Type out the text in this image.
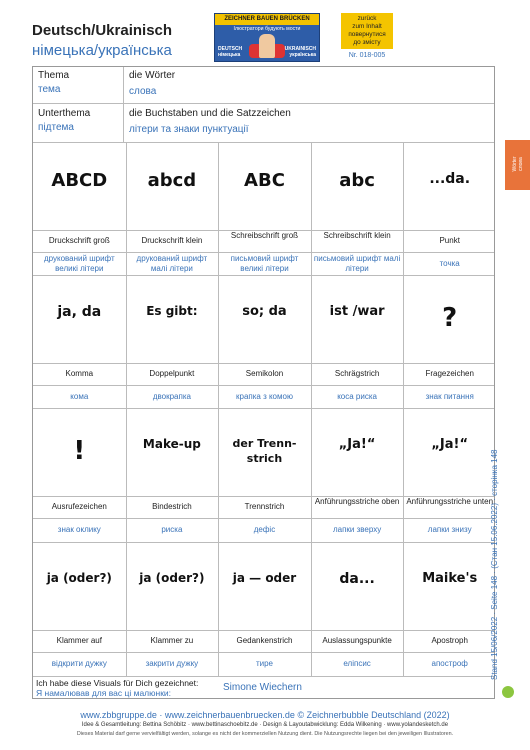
Deutsch/Ukrainisch
німецька/українська
ZEICHNER BAUEN BRÜCKEN
Ілюстратори будують мости
DEUTSCH
німецька
UKRAINISCH
українська
zurück
zum Inhalt
повернутися
до змісту
Nr. 018-005
Thema
тема
die Wörter
слова
Unterthema
підтема
die Buchstaben und die Satzzeichen
літери та знаки пунктуації
ABCD
Druckschrift groß
друкований шрифт великі літери
abcd
Druckschrift klein
друкований шрифт малі літери
ABC
Schreibschrift groß
письмовий шрифт великі літери
abc
Schreibschrift klein
письмовий шрифт малі літери
...da.
Punkt
точка
ja, da
Komma
кома
Es gibt:
Doppelpunkt
двокрапка
so; da
Semikolon
крапка з комою
ist /war
Schrägstrich
коса риска
?
Fragezeichen
знак питання
!
Ausrufezeichen
знак оклику
Make-up
Bindestrich
риска
der Trenn-strich
Trennstrich
дефіс
„Ja!“
Anführungsstriche oben
лапки зверху
„Ja!“
Anführungsstriche unten
лапки знизу
ja (oder?)
Klammer auf
відкрити дужку
ja (oder?)
Klammer zu
закрити дужку
ja — oder
Gedankenstrich
тире
da...
Auslassungspunkte
еліпсис
Maike's
Apostroph
апостроф
Ich habe diese Visuals für Dich gezeichnet:
Я намалював для вас ці малюнки:	Simone Wiechern
Wörter слова
Stand 15/06/2022 · Seite 148 · (Стан 15.06.2022) · сторінка 148
www.zbbgruppe.de · www.zeichnerbauenbruecken.de © Zeichnerbubble Deutschland (2022)
Idee & Gesamtleitung: Bettina Schöbitz · www.bettinaschoebitz.de · Design & Layoutabwicklung: Edda Wilkening · www.yolandesketch.de
Dieses Material darf gerne vervielfältigt werden, solange es nicht der kommerziellen Nutzung dient. Die Nutzungsrechte liegen bei den jeweiligen Illustratoren.
